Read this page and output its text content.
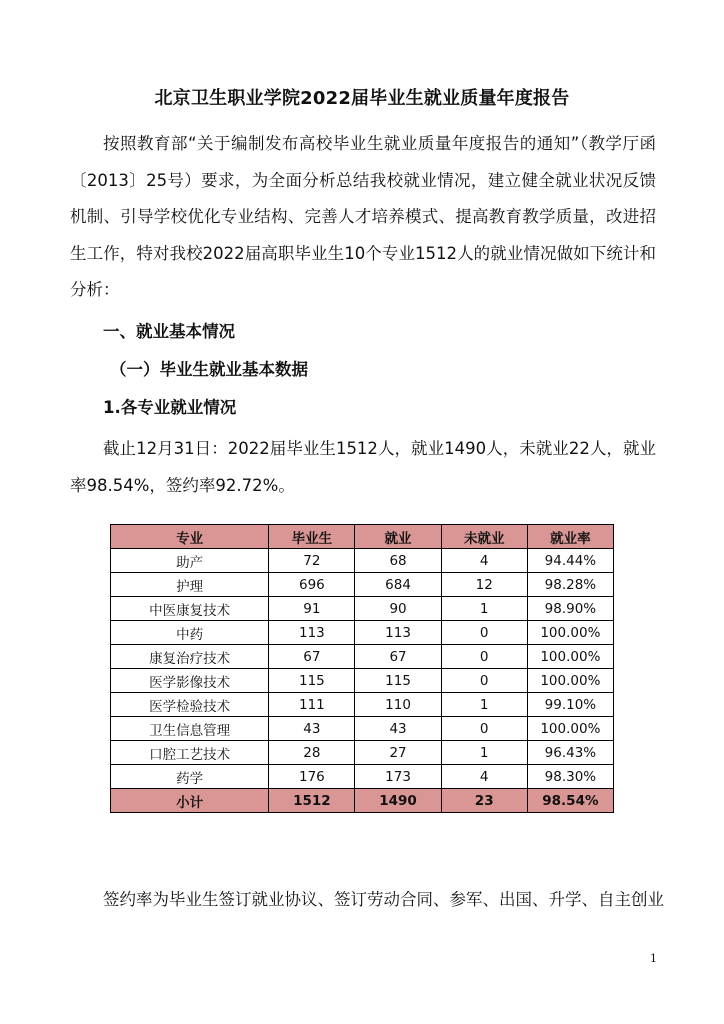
北京卫生职业学院2022届毕业生就业质量年度报告
按照教育部“关于编制发布高校毕业生就业质量年度报告的通知”（教学厅函〔2013〕25号）要求，为全面分析总结我校就业情况，建立健全就业状况反馈机制、引导学校优化专业结构、完善人才培养模式、提高教育教学质量，改进招生工作，特对我校2022届高职毕业生10个专业1512人的就业情况做如下统计和分析：
一、就业基本情况
（一）毕业生就业基本数据
1.各专业就业情况
截止12月31日：2022届毕业生1512人，就业1490人，未就业22人，就业率98.54%，签约率92.72%。
专业	毕业生	就业	未就业	就业率
助产	72	68	4	94.44%
护理	696	684	12	98.28%
中医康复技术	91	90	1	98.90%
中药	113	113	0	100.00%
康复治疗技术	67	67	0	100.00%
医学影像技术	115	115	0	100.00%
医学检验技术	111	110	1	99.10%
卫生信息管理	43	43	0	100.00%
口腔工艺技术	28	27	1	96.43%
药学	176	173	4	98.30%
小计	1512	1490	23	98.54%
签约率为毕业生签订就业协议、签订劳动合同、参军、出国、升学、自主创业
1
